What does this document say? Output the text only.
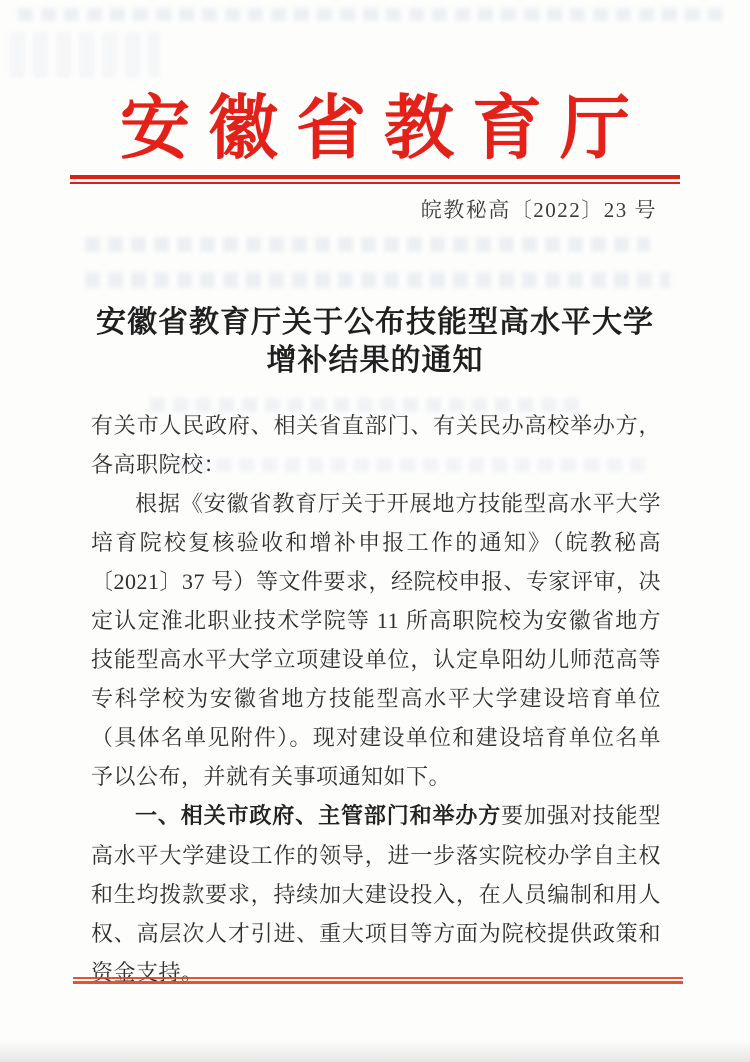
安徽省教育厅
皖教秘高〔2022〕23 号
安徽省教育厅关于公布技能型高水平大学
增补结果的通知

有关市人民政府、相关省直部门、有关民办高校举办方，各高职院校：

根据《安徽省教育厅关于开展地方技能型高水平大学培育院校复核验收和增补申报工作的通知》（皖教秘高〔2021〕37 号）等文件要求，经院校申报、专家评审，决定认定淮北职业技术学院等 11 所高职院校为安徽省地方技能型高水平大学立项建设单位，认定阜阳幼儿师范高等专科学校为安徽省地方技能型高水平大学建设培育单位（具体名单见附件）。现对建设单位和建设培育单位名单予以公布，并就有关事项通知如下。

一、相关市政府、主管部门和举办方要加强对技能型高水平大学建设工作的领导，进一步落实院校办学自主权和生均拨款要求，持续加大建设投入，在人员编制和用人权、高层次人才引进、重大项目等方面为院校提供政策和资金支持。
